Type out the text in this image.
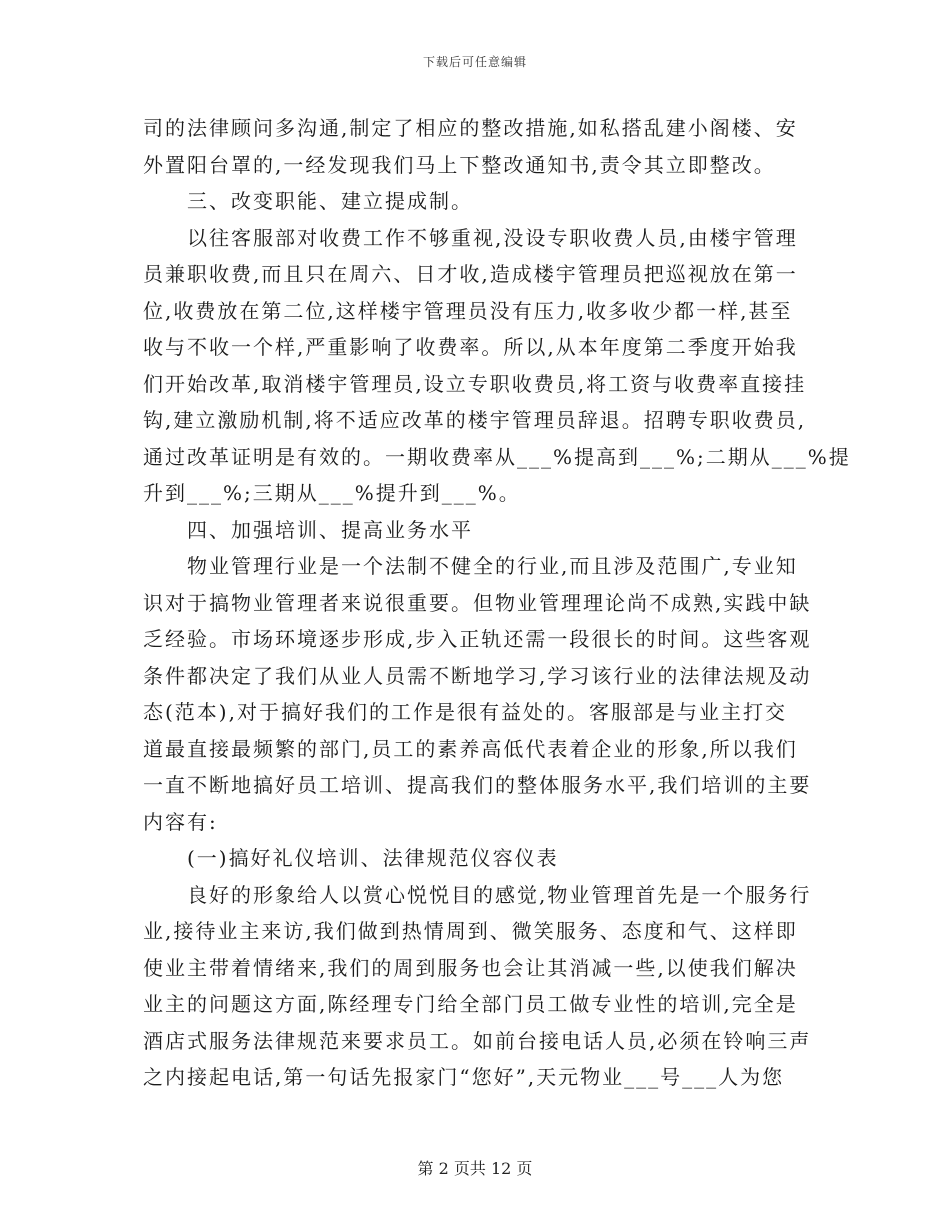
下载后可任意编辑
司的法律顾问多沟通,制定了相应的整改措施,如私搭乱建小阁楼、安
外置阳台罩的,一经发现我们马上下整改通知书,责令其立即整改。
三、改变职能、建立提成制。
以往客服部对收费工作不够重视,没设专职收费人员,由楼宇管理
员兼职收费,而且只在周六、日才收,造成楼宇管理员把巡视放在第一
位,收费放在第二位,这样楼宇管理员没有压力,收多收少都一样,甚至
收与不收一个样,严重影响了收费率。所以,从本年度第二季度开始我
们开始改革,取消楼宇管理员,设立专职收费员,将工资与收费率直接挂
钩,建立激励机制,将不适应改革的楼宇管理员辞退。招聘专职收费员,
通过改革证明是有效的。一期收费率从___%提高到___%;二期从___%提
升到___%;三期从___%提升到___%。
四、加强培训、提高业务水平
物业管理行业是一个法制不健全的行业,而且涉及范围广,专业知
识对于搞物业管理者来说很重要。但物业管理理论尚不成熟,实践中缺
乏经验。市场环境逐步形成,步入正轨还需一段很长的时间。这些客观
条件都决定了我们从业人员需不断地学习,学习该行业的法律法规及动
态(范本),对于搞好我们的工作是很有益处的。客服部是与业主打交
道最直接最频繁的部门,员工的素养高低代表着企业的形象,所以我们
一直不断地搞好员工培训、提高我们的整体服务水平,我们培训的主要
内容有:
(一)搞好礼仪培训、法律规范仪容仪表
良好的形象给人以赏心悦悦目的感觉,物业管理首先是一个服务行
业,接待业主来访,我们做到热情周到、微笑服务、态度和气、这样即
使业主带着情绪来,我们的周到服务也会让其消减一些,以使我们解决
业主的问题这方面,陈经理专门给全部门员工做专业性的培训,完全是
酒店式服务法律规范来要求员工。如前台接电话人员,必须在铃响三声
之内接起电话,第一句话先报家门“您好”,天元物业___号___人为您
第 2 页共 12 页
